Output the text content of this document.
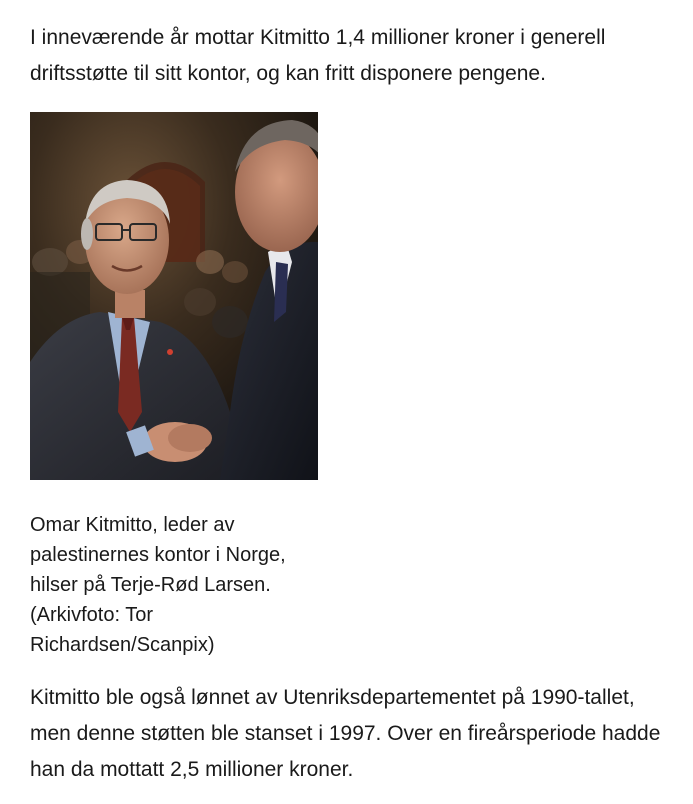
I inneværende år mottar Kitmitto 1,4 millioner kroner i generell driftsstøtte til sitt kontor, og kan fritt disponere pengene.

Omar Kitmitto, leder av palestinernes kontor i Norge, hilser på Terje-Rød Larsen. (Arkivfoto: Tor Richardsen/Scanpix)

Kitmitto ble også lønnet av Utenriksdepartementet på 1990-tallet, men denne støtten ble stanset i 1997. Over en fireårsperiode hadde han da mottatt 2,5 millioner kroner.
